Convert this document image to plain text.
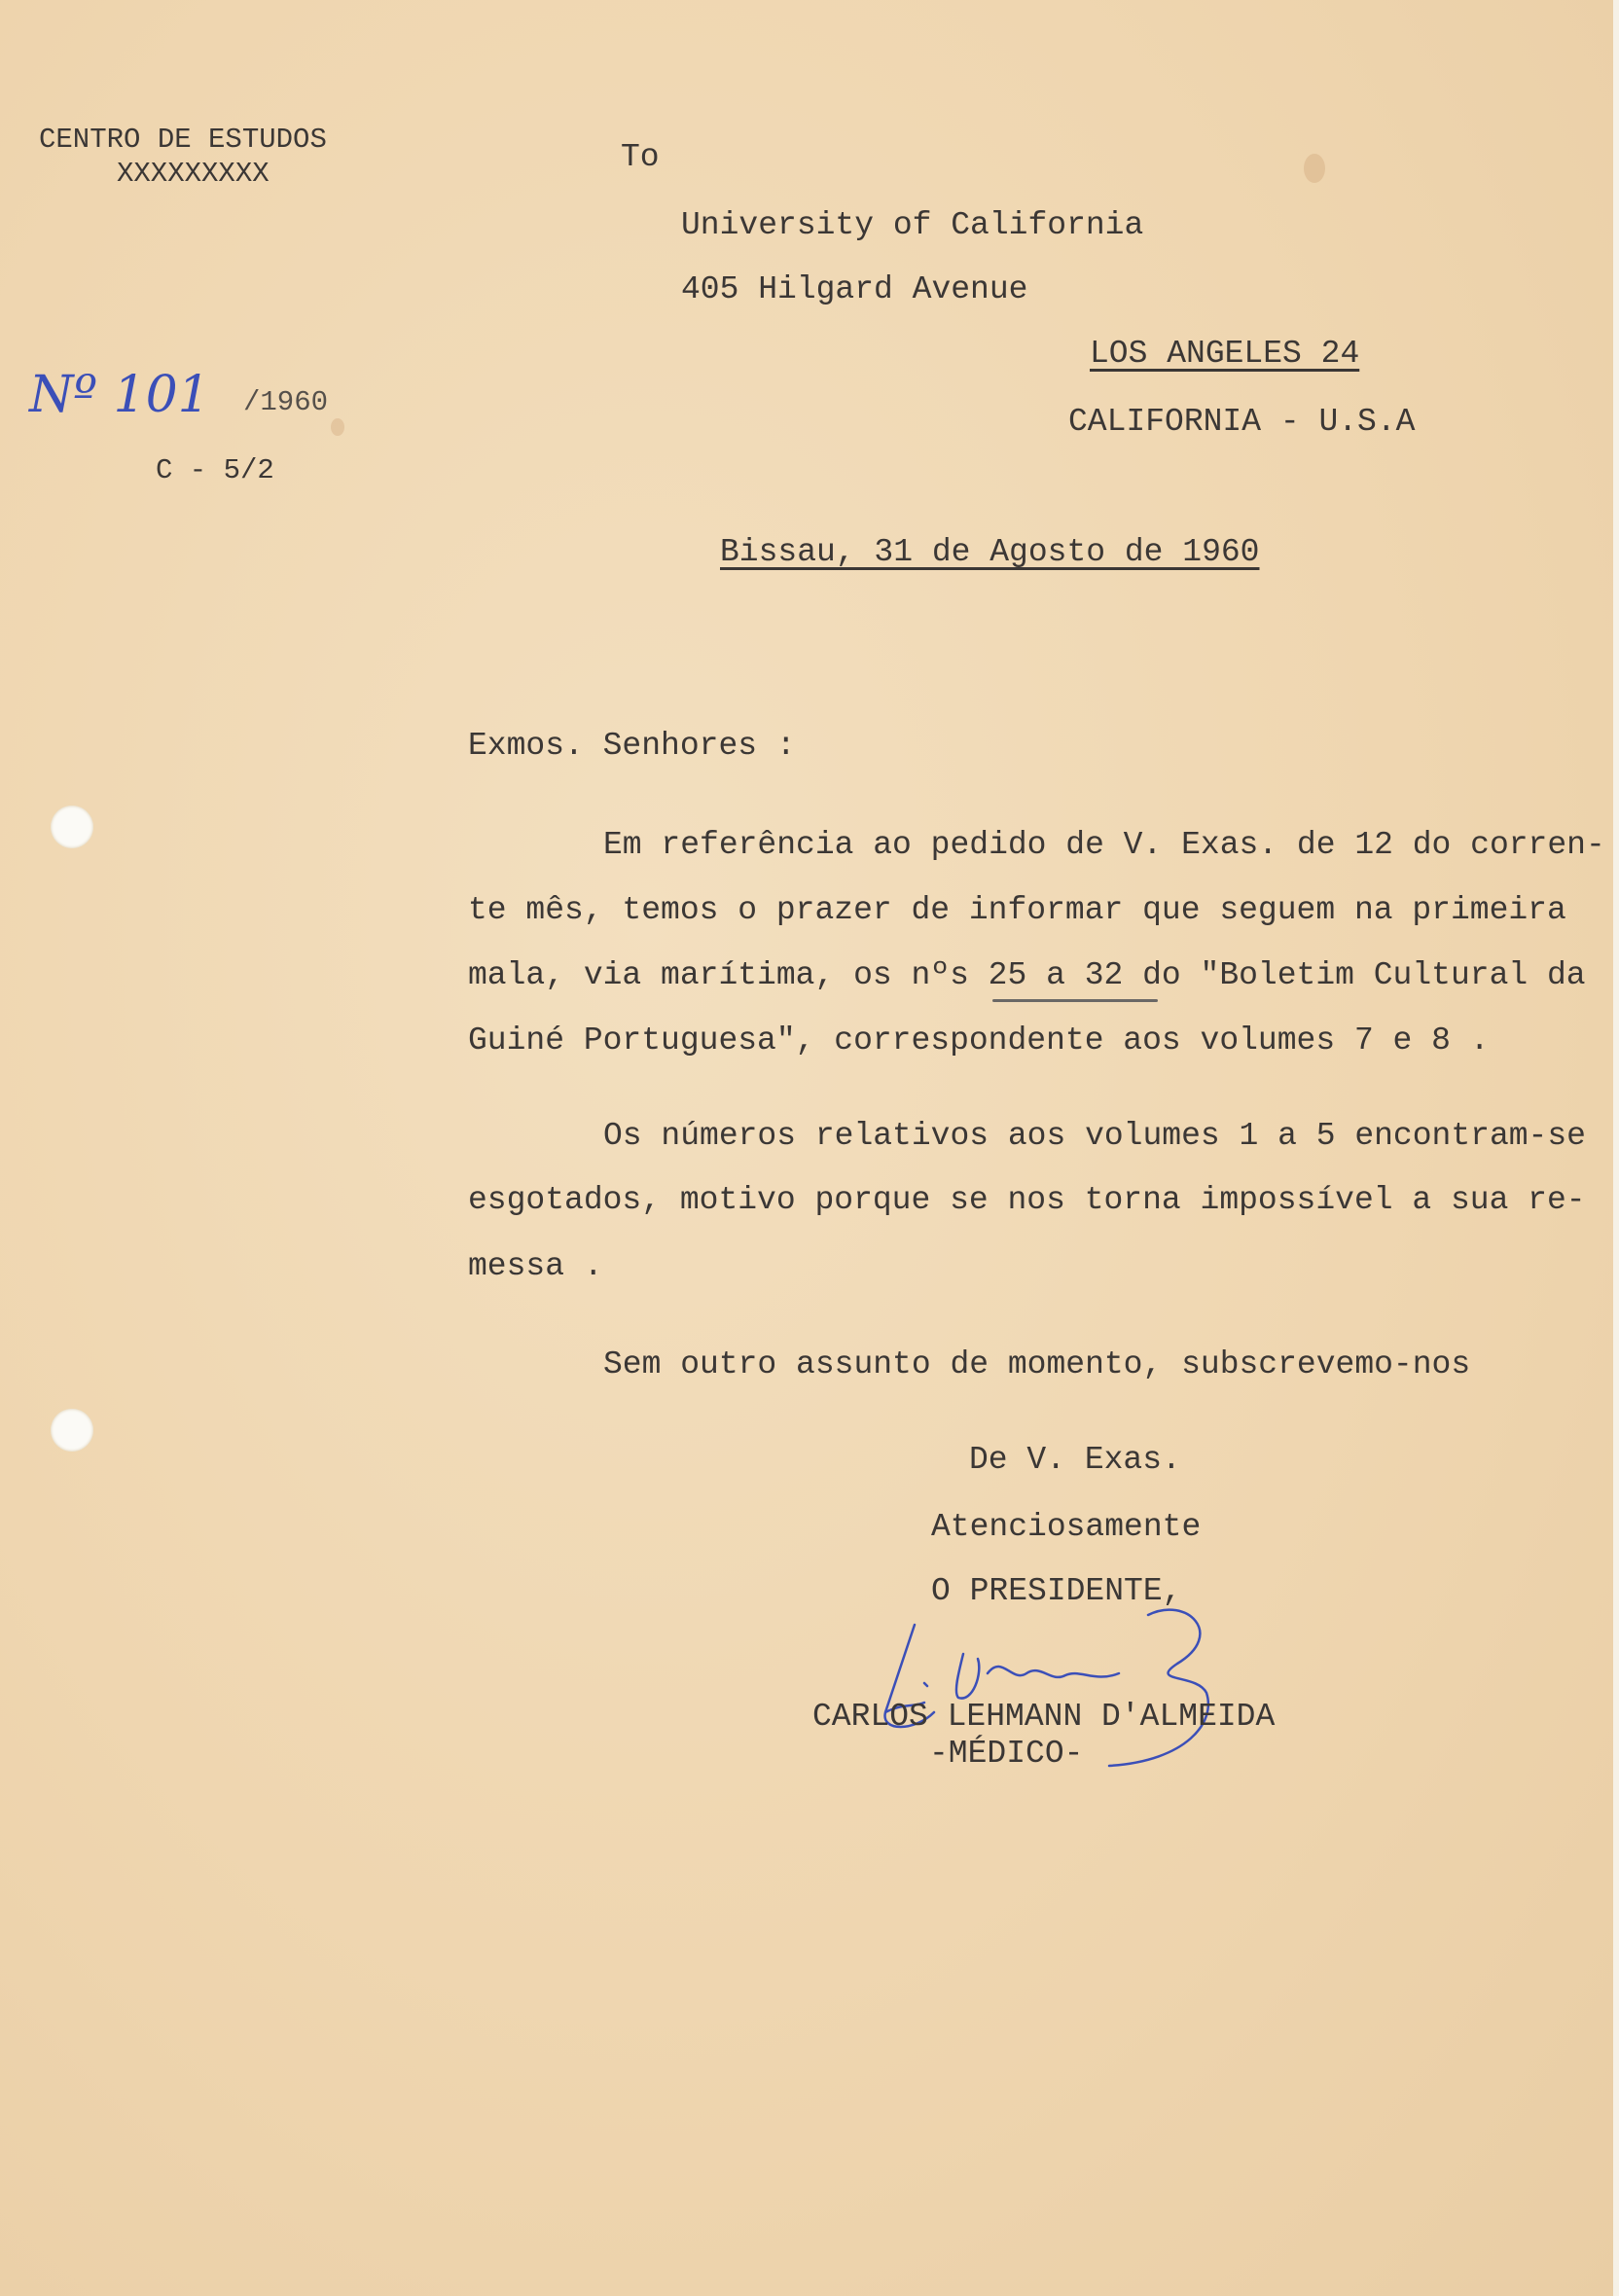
CENTRO DE ESTUDOS
XXXXXXXXX
Nº 101 /1960
C - 5/2
To
University of California
405 Hilgard Avenue
LOS ANGELES 24
CALIFORNIA - U.S.A
Bissau, 31 de Agosto de 1960
Exmos. Senhores :
Em referência ao pedido de V. Exas. de 12 do corren-
te mês, temos o prazer de informar que seguem na primeira
mala, via marítima, os nºs 25 a 32 do "Boletim Cultural da
Guiné Portuguesa", correspondente aos volumes 7 e 8 .
Os números relativos aos volumes 1 a 5 encontram-se
esgotados, motivo porque se nos torna impossível a sua re-
messa .
Sem outro assunto de momento, subscrevemo-nos
De V. Exas.
Atenciosamente
O PRESIDENTE,
CARLOS LEHMANN D'ALMEIDA
-MÉDICO-
